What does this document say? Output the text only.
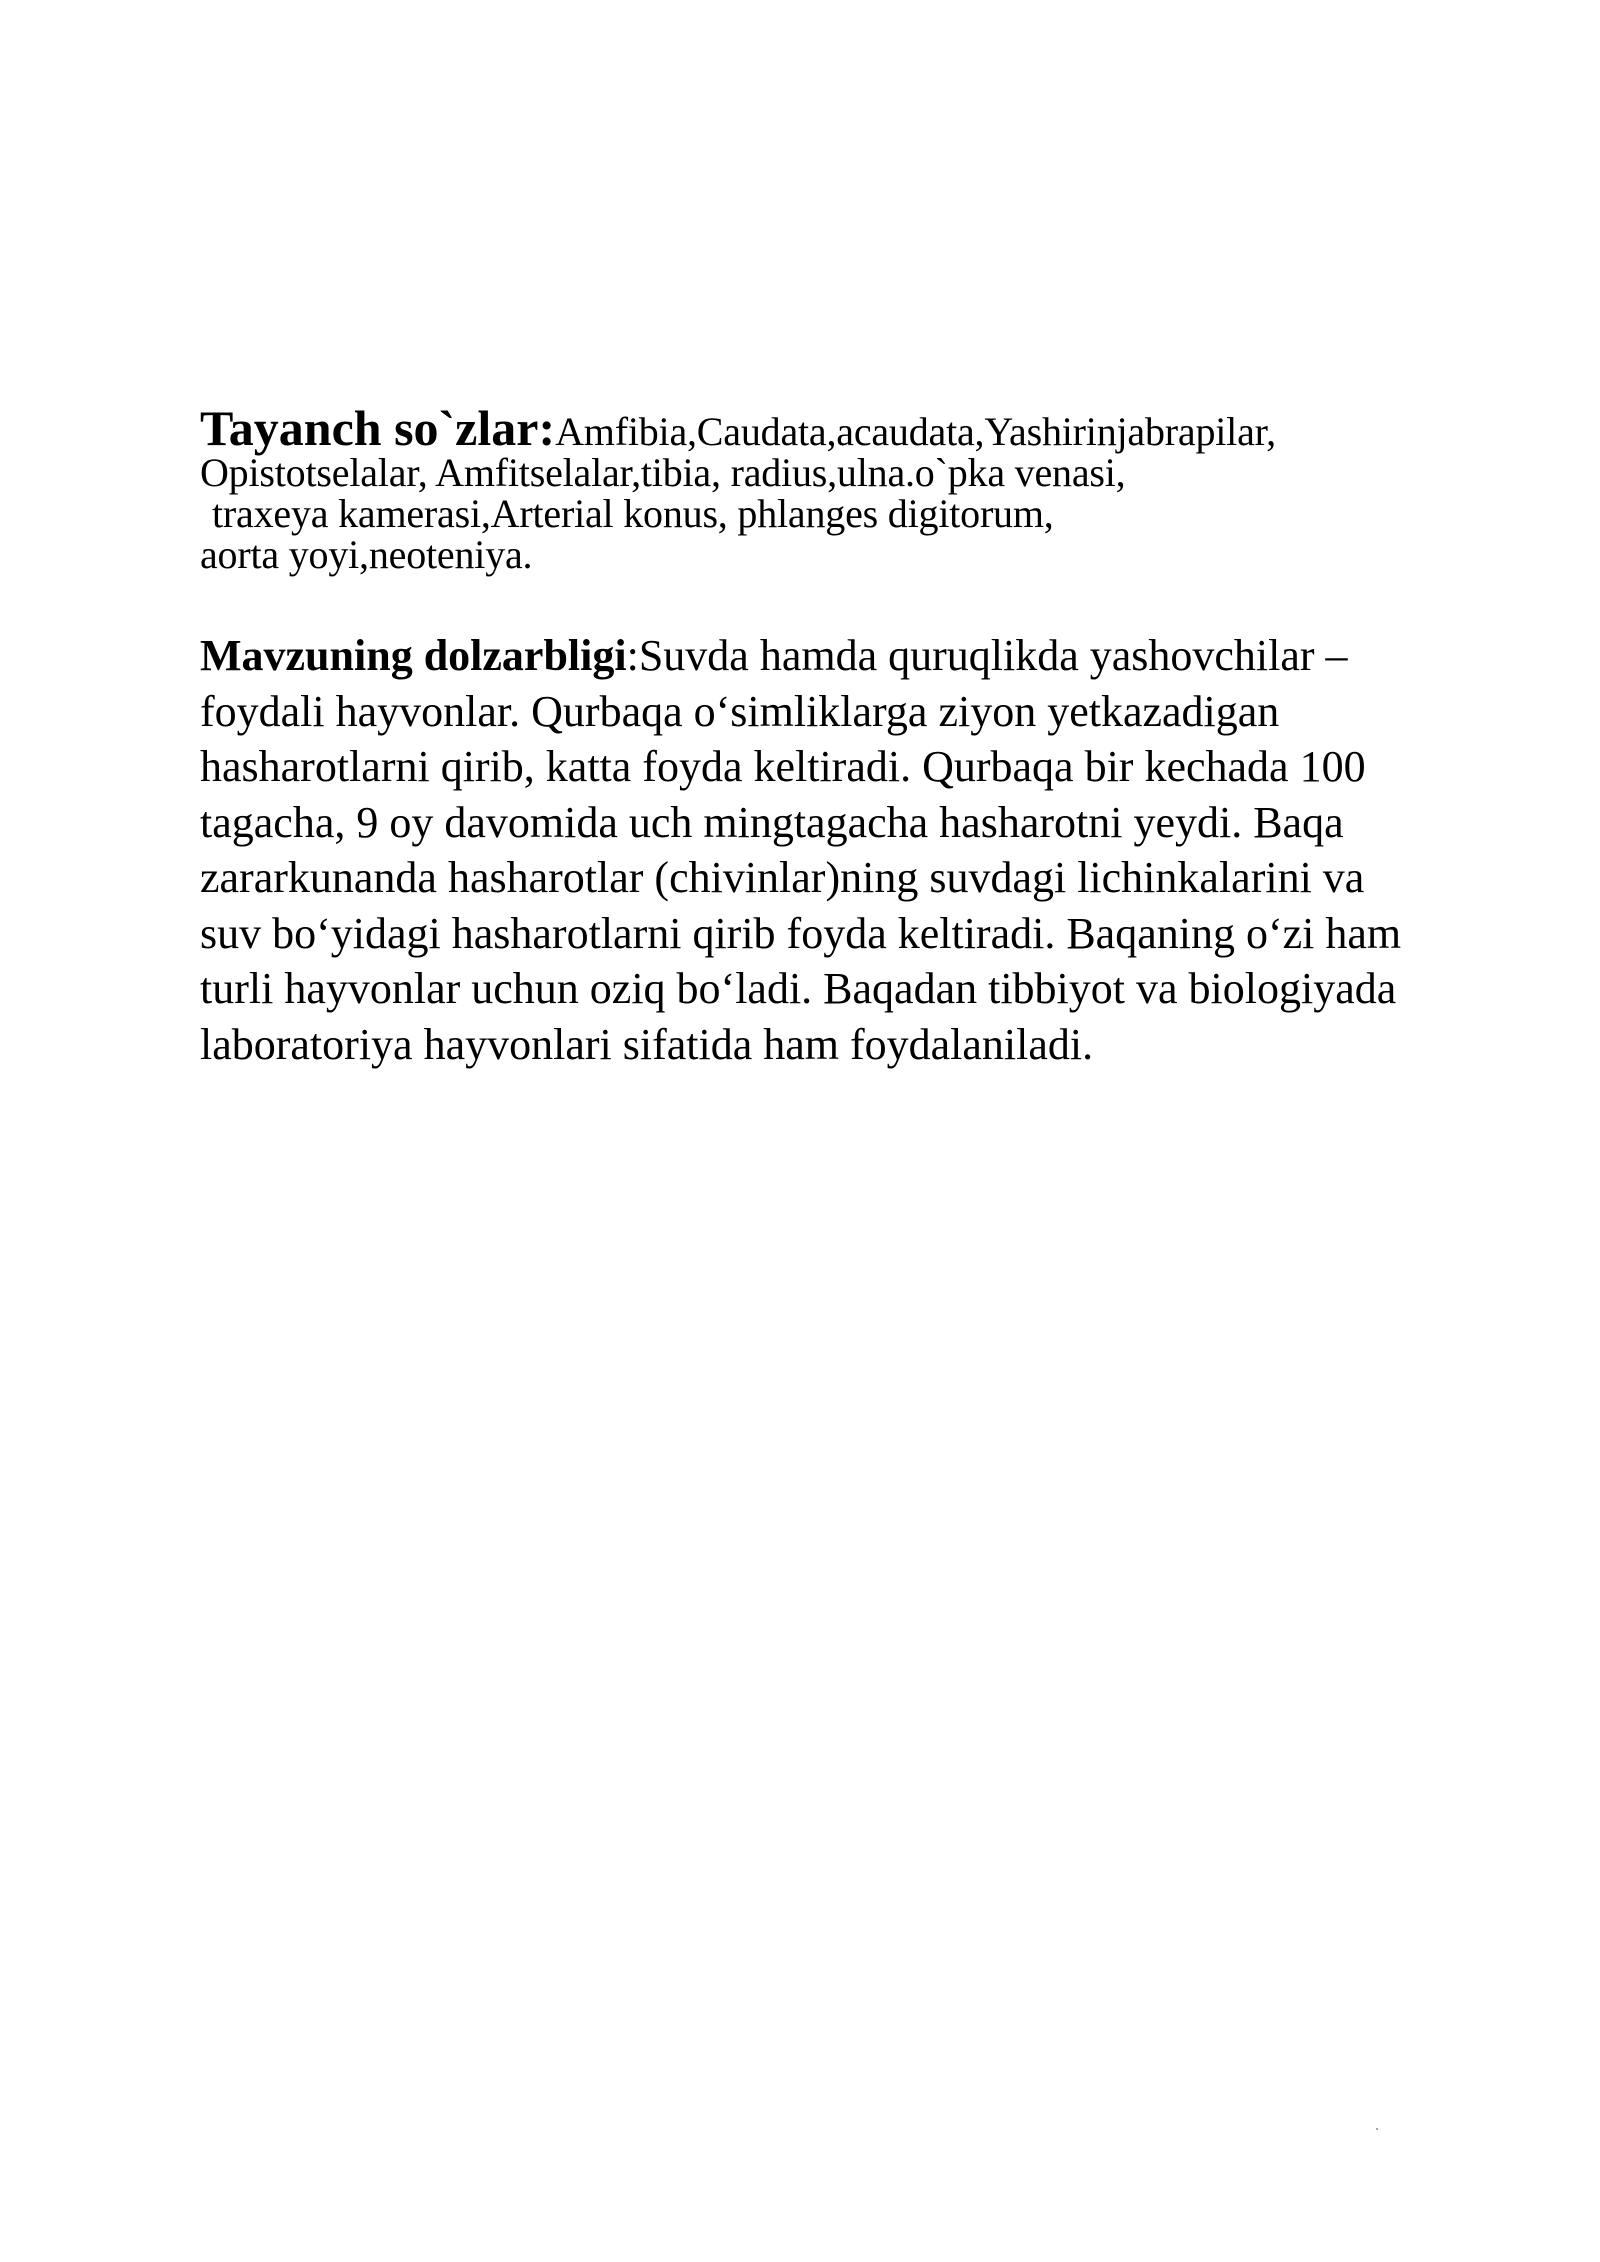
Tayanch so`zlar:Amfibia,Caudata,acaudata,Yashirinjabrapilar,
Opistotselalar, Amfitselalar,tibia, radius,ulna.o`pka venasi,
traxeya kamerasi,Arterial konus, phlanges digitorum,
aorta yoyi,neoteniya.
Mavzuning dolzarbligi:Suvda hamda quruqlikda yashovchilar –
foydali hayvonlar. Qurbaqa o‘simliklarga ziyon yetkazadigan
hasharotlarni qirib, katta foyda keltiradi. Qurbaqa bir kechada 100
tagacha, 9 oy davomida uch mingtagacha hasharotni yeydi. Baqa
zararkunanda hasharotlar (chivinlar)ning suvdagi lichinkalarini va
suv bo‘yidagi hasharotlarni qirib foyda keltiradi. Baqaning o‘zi ham
turli hayvonlar uchun oziq bo‘ladi. Baqadan tibbiyot va biologiyada
laboratoriya hayvonlari sifatida ham foydalaniladi.
